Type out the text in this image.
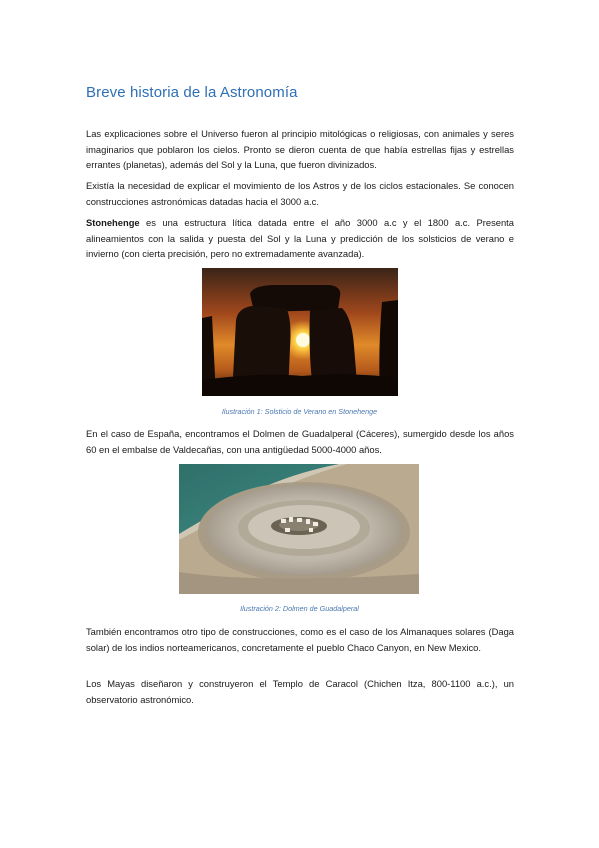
Breve historia de la Astronomía
Las explicaciones sobre el Universo fueron al principio mitológicas o religiosas, con animales y seres imaginarios que poblaron los cielos. Pronto se dieron cuenta de que había estrellas fijas y estrellas errantes (planetas), además del Sol y la Luna, que fueron divinizados.
Existía la necesidad de explicar el movimiento de los Astros y de los ciclos estacionales. Se conocen construcciones astronómicas datadas hacia el 3000 a.c.
Stonehenge es una estructura lítica datada entre el año 3000 a.c y el 1800 a.c. Presenta alineamientos con la salida y puesta del Sol y la Luna y predicción de los solsticios de verano e invierno (con cierta precisión, pero no extremadamente avanzada).
Ilustración 1: Solsticio de Verano en Stonehenge
En el caso de España, encontramos el Dolmen de Guadalperal (Cáceres), sumergido desde los años 60 en el embalse de Valdecañas, con una antigüedad 5000-4000 años.
Ilustración 2: Dolmen de Guadalperal
También encontramos otro tipo de construcciones, como es el caso de los Almanaques solares (Daga solar) de los indios norteamericanos, concretamente el pueblo Chaco Canyon, en New Mexico.
Los Mayas diseñaron y construyeron el Templo de Caracol (Chichen Itza, 800-1100 a.c.), un observatorio astronómico.
